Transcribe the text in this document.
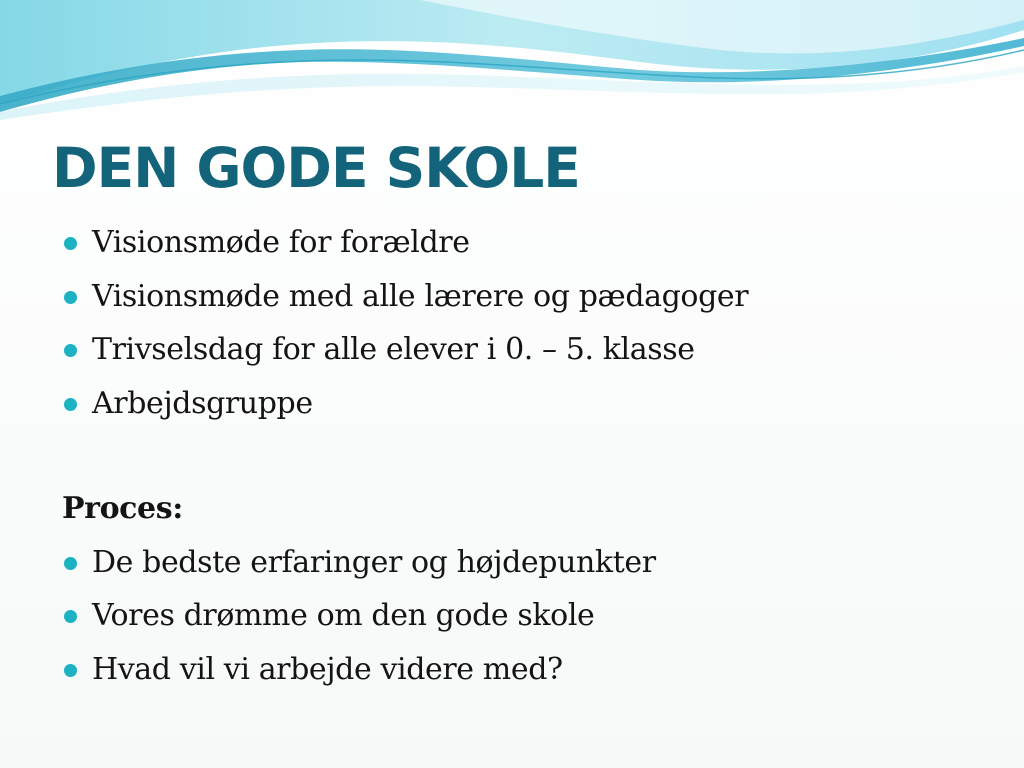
DEN GODE SKOLE
Visionsmøde for forældre
Visionsmøde med alle lærere og pædagoger
Trivselsdag for alle elever i 0. – 5. klasse
Arbejdsgruppe

Proces:

De bedste erfaringer og højdepunkter
Vores drømme om den gode skole
Hvad vil vi arbejde videre med?
